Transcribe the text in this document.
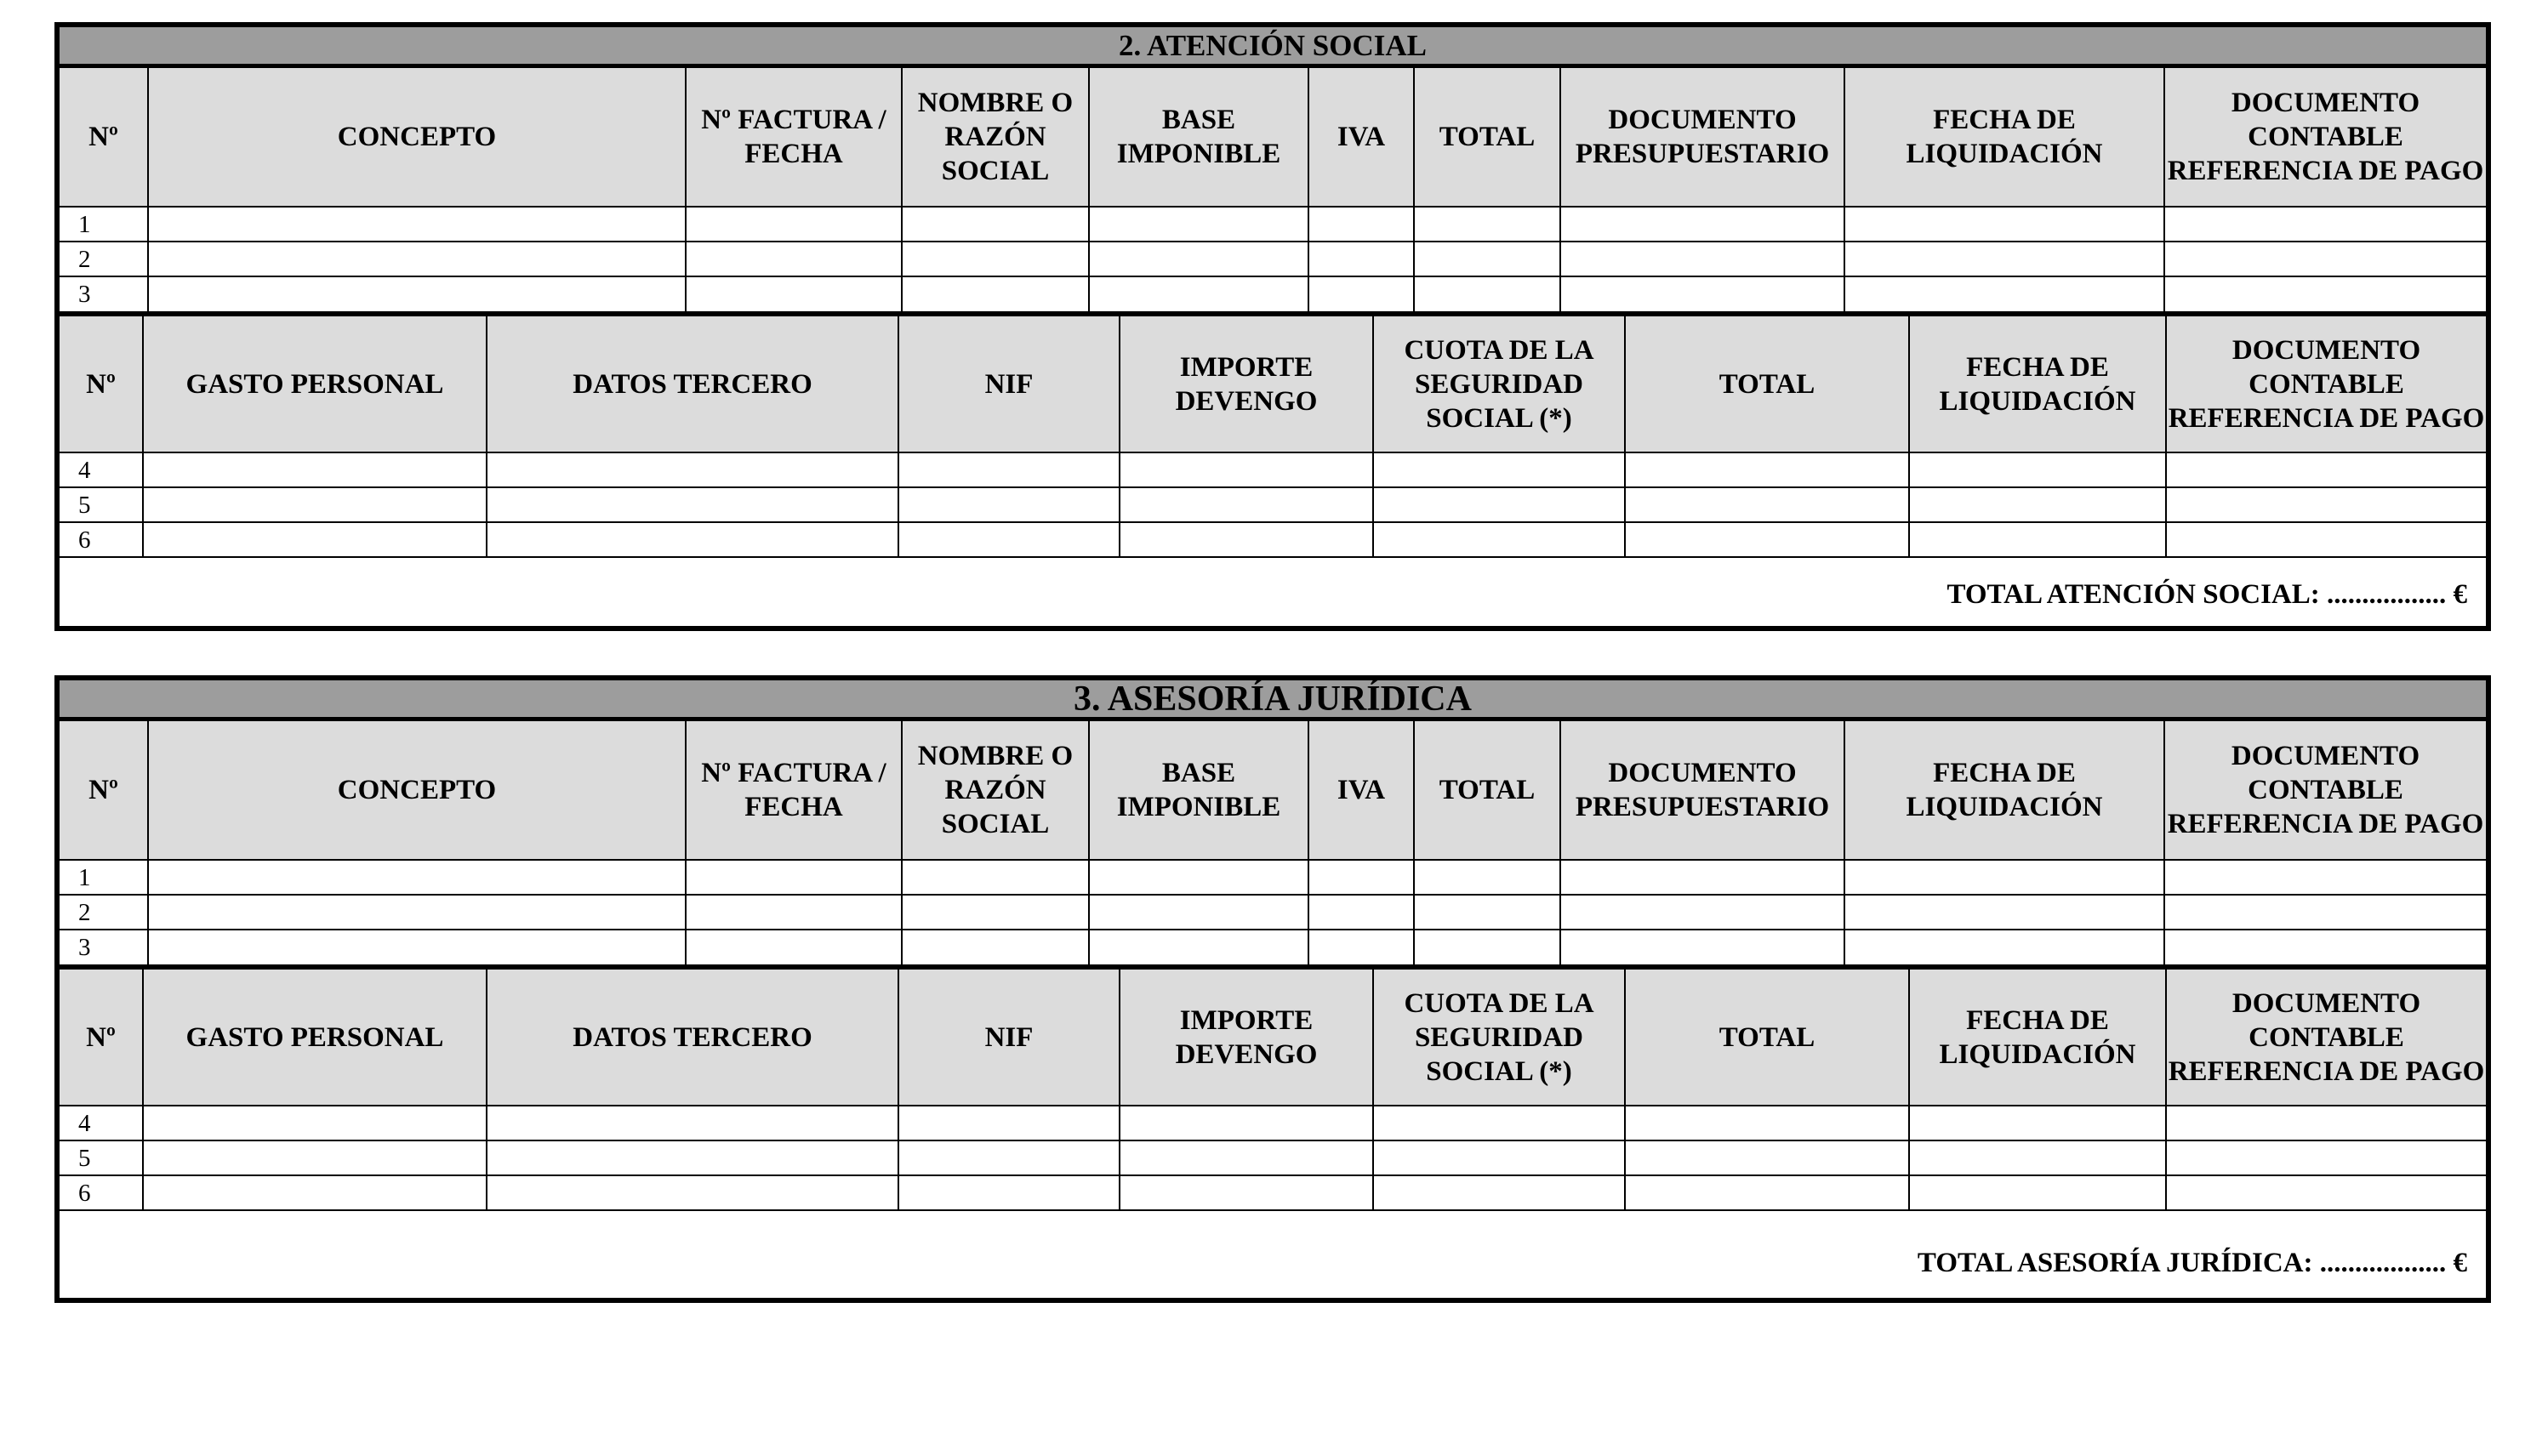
2. ATENCIÓN SOCIAL
Nº	CONCEPTO	Nº FACTURA / FECHA	NOMBRE O RAZÓN SOCIAL	BASE IMPONIBLE	IVA	TOTAL	DOCUMENTO PRESUPUESTARIO	FECHA DE LIQUIDACIÓN	DOCUMENTO CONTABLE REFERENCIA DE PAGO
1									
2									
3									
Nº	GASTO PERSONAL	DATOS TERCERO	NIF	IMPORTE DEVENGO	CUOTA DE LA SEGURIDAD SOCIAL (*)	TOTAL	FECHA DE LIQUIDACIÓN	DOCUMENTO CONTABLE REFERENCIA DE PAGO
4								
5								
6								
TOTAL ATENCIÓN SOCIAL: ................. €
3. ASESORÍA JURÍDICA
Nº	CONCEPTO	Nº FACTURA / FECHA	NOMBRE O RAZÓN SOCIAL	BASE IMPONIBLE	IVA	TOTAL	DOCUMENTO PRESUPUESTARIO	FECHA DE LIQUIDACIÓN	DOCUMENTO CONTABLE REFERENCIA DE PAGO
1									
2									
3									
Nº	GASTO PERSONAL	DATOS TERCERO	NIF	IMPORTE DEVENGO	CUOTA DE LA SEGURIDAD SOCIAL (*)	TOTAL	FECHA DE LIQUIDACIÓN	DOCUMENTO CONTABLE REFERENCIA DE PAGO
4								
5								
6								
TOTAL ASESORÍA JURÍDICA: .................. €
